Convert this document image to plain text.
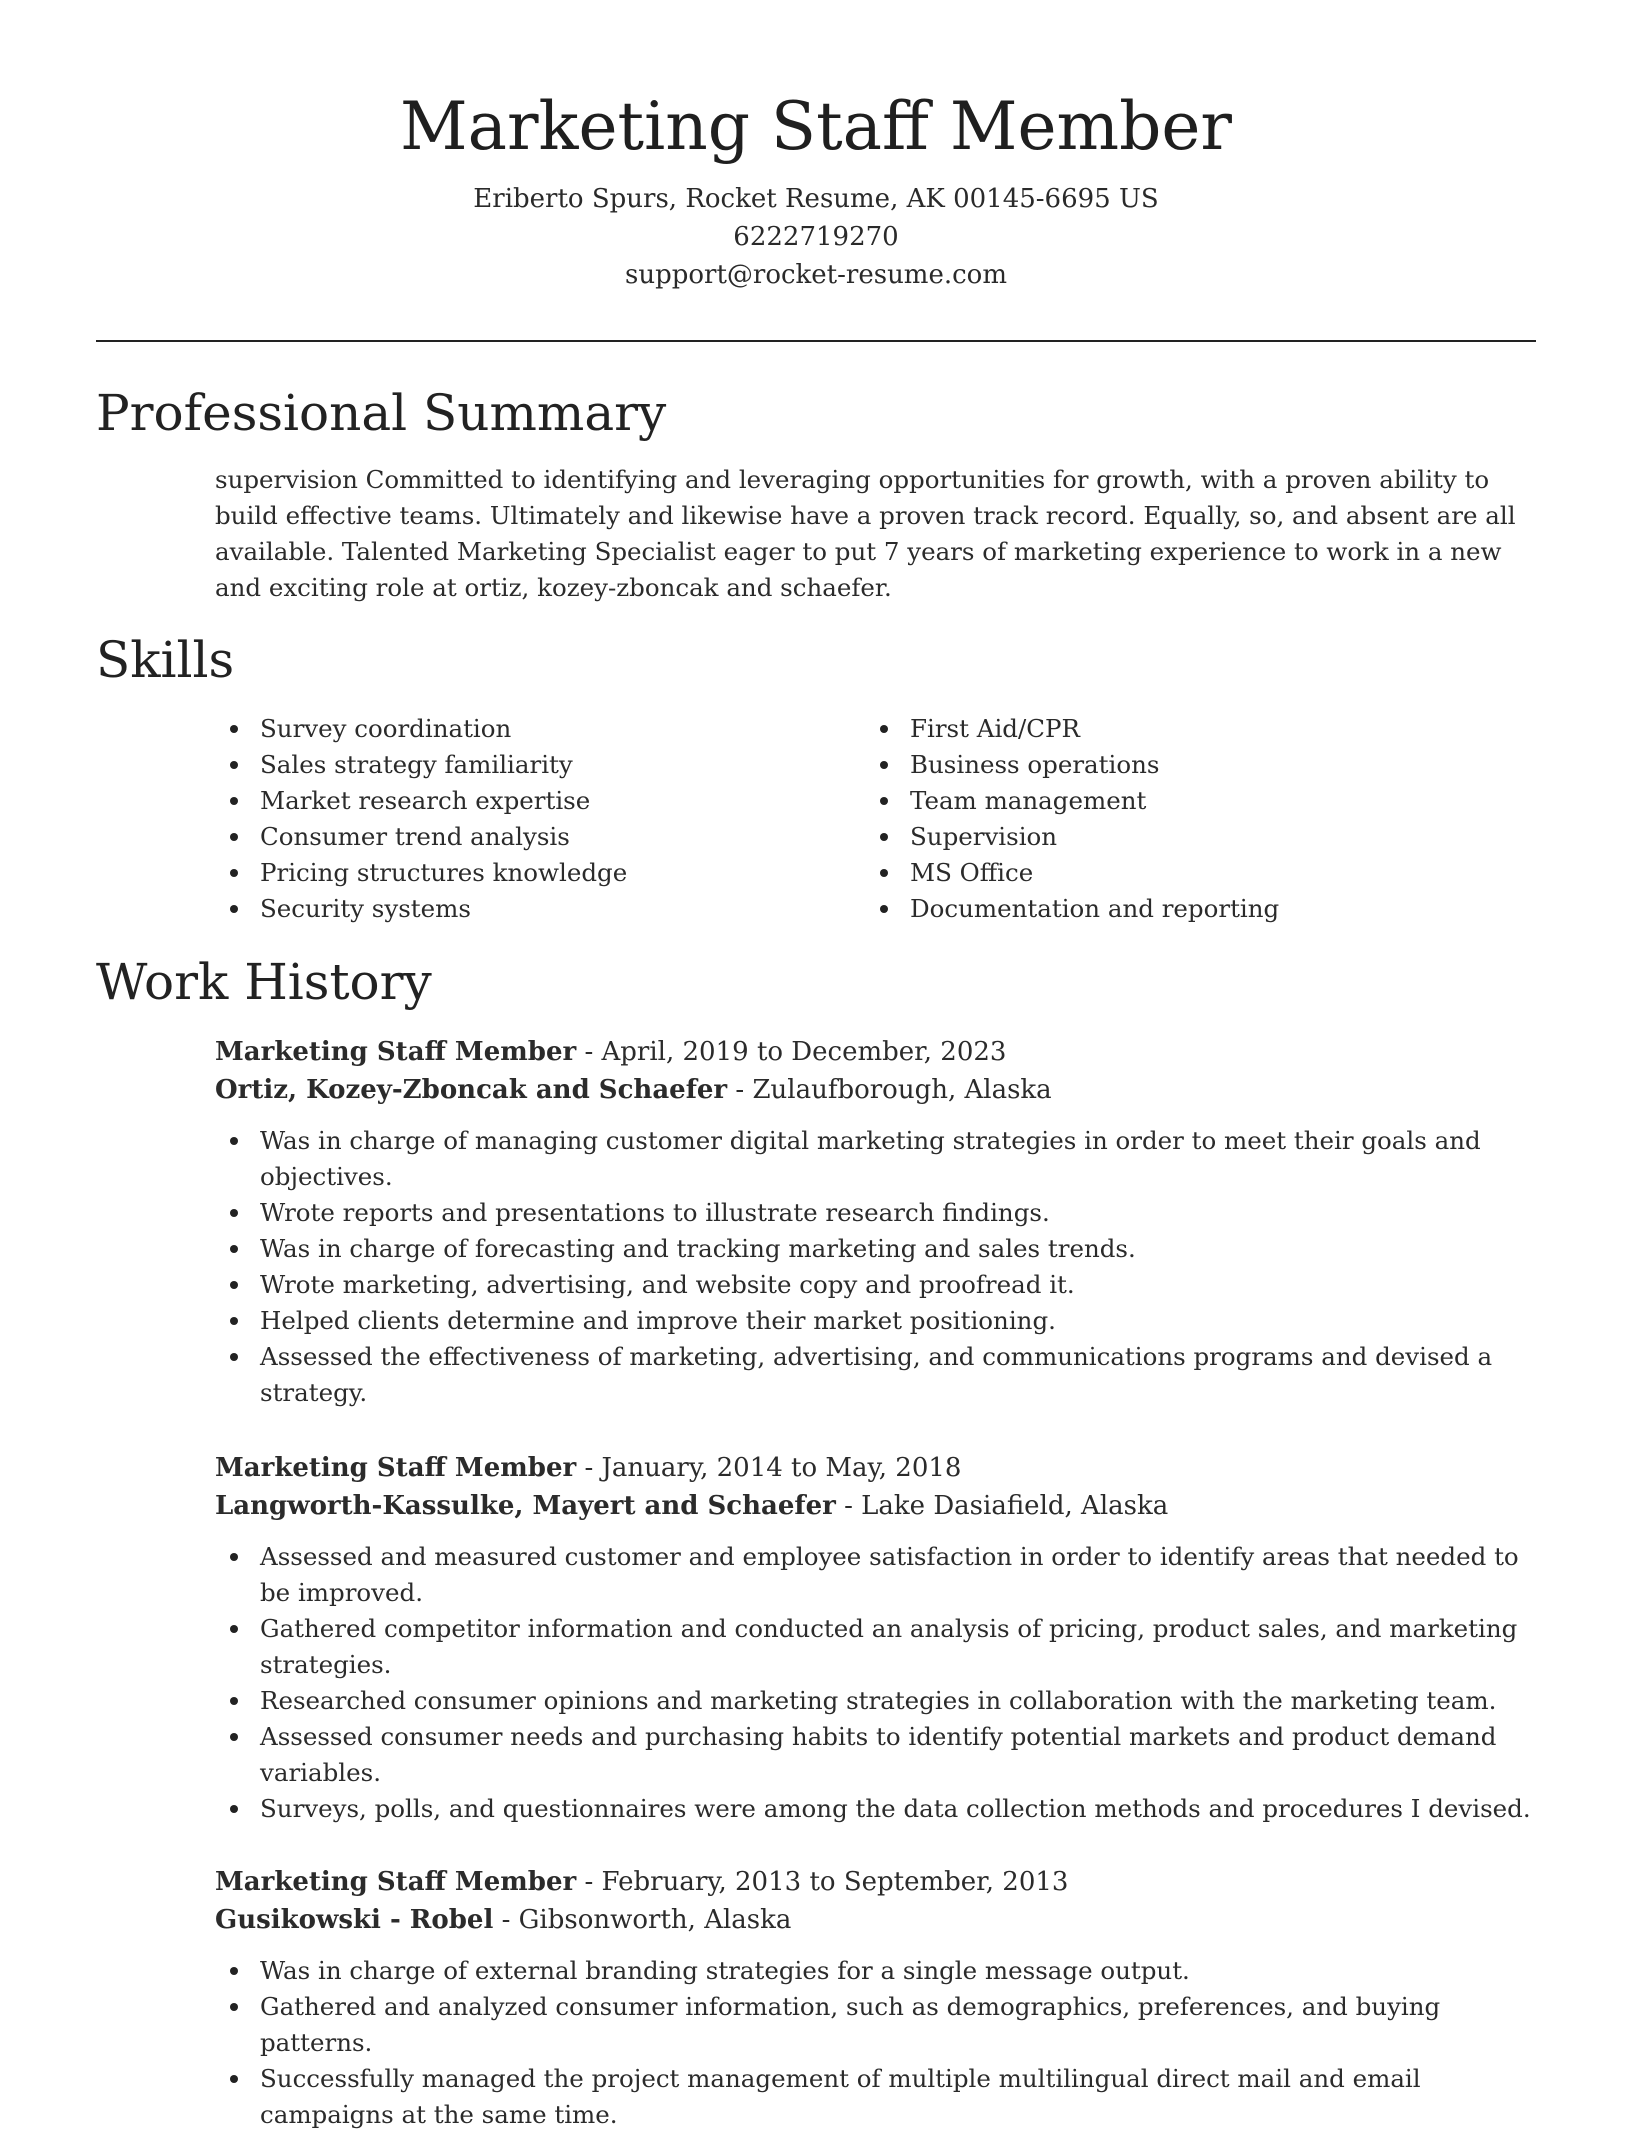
Marketing Staff Member

Eriberto Spurs, Rocket Resume, AK 00145-6695 US

6222719270

support@rocket-resume.com

Professional Summary

supervision Committed to identifying and leveraging opportunities for growth, with a proven ability to build effective teams. Ultimately and likewise have a proven track record. Equally, so, and absent are all available. Talented Marketing Specialist eager to put 7 years of marketing experience to work in a new and exciting role at ortiz, kozey-zboncak and schaefer.

Skills
Survey coordination
Sales strategy familiarity
Market research expertise
Consumer trend analysis
Pricing structures knowledge
Security systems
First Aid/CPR
Business operations
Team management
Supervision
MS Office
Documentation and reporting
Work History

Marketing Staff Member - April, 2019 to December, 2023

Ortiz, Kozey-Zboncak and Schaefer - Zulaufborough, Alaska

Was in charge of managing customer digital marketing strategies in order to meet their goals and objectives.
Wrote reports and presentations to illustrate research findings.
Was in charge of forecasting and tracking marketing and sales trends.
Wrote marketing, advertising, and website copy and proofread it.
Helped clients determine and improve their market positioning.
Assessed the effectiveness of marketing, advertising, and communications programs and devised a strategy.

Marketing Staff Member - January, 2014 to May, 2018

Langworth-Kassulke, Mayert and Schaefer - Lake Dasiafield, Alaska

Assessed and measured customer and employee satisfaction in order to identify areas that needed to be improved.
Gathered competitor information and conducted an analysis of pricing, product sales, and marketing strategies.
Researched consumer opinions and marketing strategies in collaboration with the marketing team.
Assessed consumer needs and purchasing habits to identify potential markets and product demand variables.
Surveys, polls, and questionnaires were among the data collection methods and procedures I devised.

Marketing Staff Member - February, 2013 to September, 2013

Gusikowski - Robel - Gibsonworth, Alaska

Was in charge of external branding strategies for a single message output.
Gathered and analyzed consumer information, such as demographics, preferences, and buying patterns.
Successfully managed the project management of multiple multilingual direct mail and email campaigns at the same time.
